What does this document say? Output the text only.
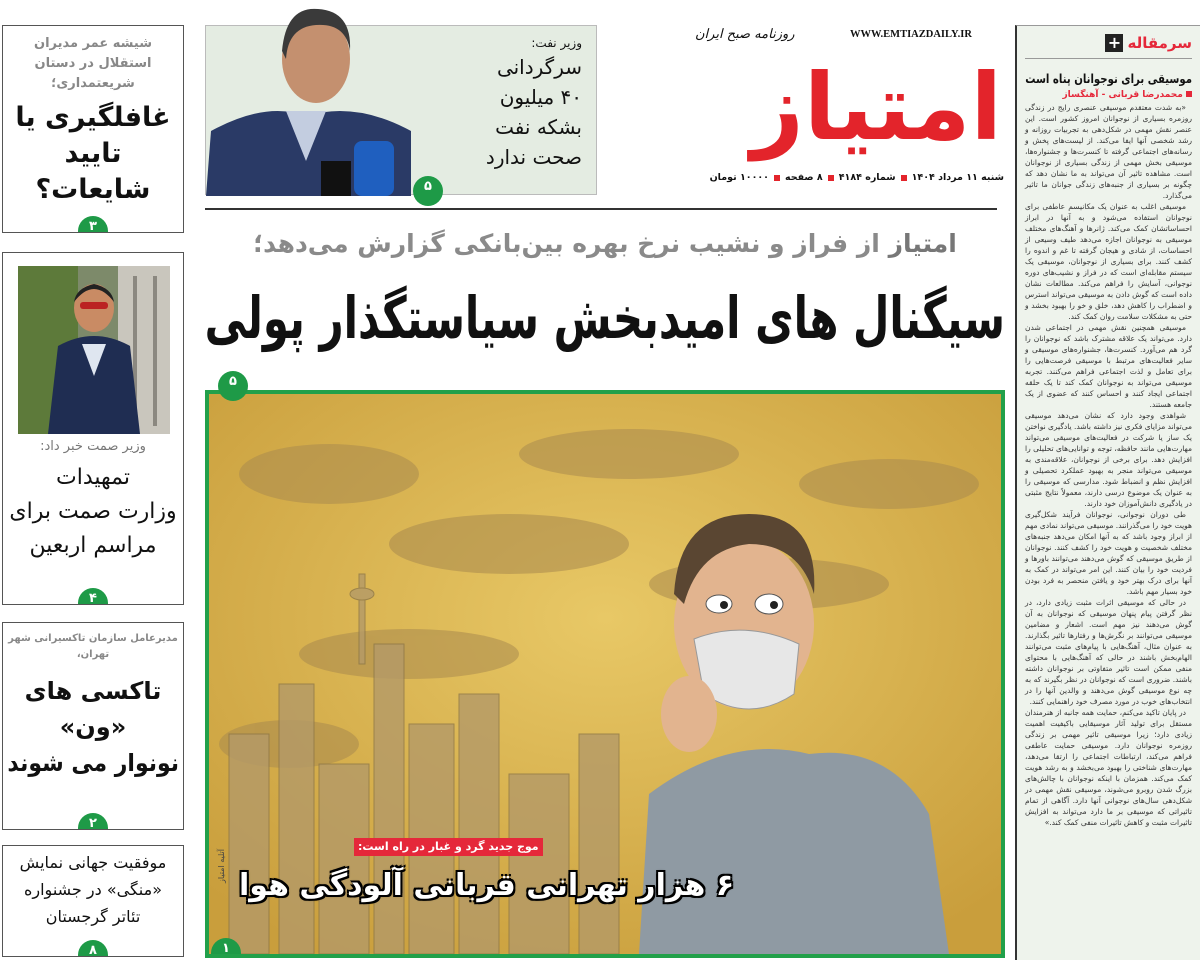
شیشه عمر مدیران استقلال در دستان شریعتمداری؛
غافلگیری یا تایید شایعات؟
۳
وزیر صمت خبر داد:
تمهیدات
وزارت صمت برای
مراسم اربعین
۴
مدیرعامل سازمان تاکسیرانی شهر تهران،
تاکسی های
«ون»
نونوار می شوند
۲
موفقیت جهانی نمایش
«منگی» در جشنواره
تئاتر گرجستان
۸
وزیر نفت:
سرگردانی
۴۰ میلیون
بشکه نفت
صحت ندارد
۵
امتیاز
روزنامه صبح ایران	WWW.EMTIAZDAILY.IR
شنبه ۱۱ مرداد ۱۴۰۴
شماره ۴۱۸۴
۸ صفحه
۱۰۰۰۰ تومان
امتیاز از فراز و نشیب نرخ بهره بین‌بانکی گزارش می‌دهد؛
سیگنال های امیدبخش سیاستگذار پولی
۵
موج جدید گرد و غبار در راه است:
۶ هزار تهرانی قربانی آلودگی هوا
آتلیه امتیاز
۱
+ سرمقاله
موسیقی برای نوجوانان پناه است
محمدرضا قربانی - آهنگساز

«به شدت معتقدم موسیقی عنصری رایج در زندگی روزمره بسیاری از نوجوانان امروز کشور است. این عنصر نقش مهمی در شکل‌دهی به تجربیات روزانه و رشد شخصی آنها ایفا می‌کند. از لیست‌های پخش و رسانه‌های اجتماعی گرفته تا کنسرت‌ها و جشنواره‌ها، موسیقی بخش مهمی از زندگی بسیاری از نوجوانان است. مشاهده تاثیر آن می‌تواند به ما نشان دهد که چگونه بر بسیاری از جنبه‌های زندگی جوانان ما تاثیر می‌گذارد.

موسیقی اغلب به عنوان یک مکانیسم عاطفی برای نوجوانان استفاده می‌شود و به آنها در ابراز احساساتشان کمک می‌کند. ژانرها و آهنگ‌های مختلف موسیقی به نوجوانان اجازه می‌دهد طیف وسیعی از احساسات، از شادی و هیجان گرفته تا غم و اندوه را کشف کنند. برای بسیاری از نوجوانان، موسیقی یک سیستم مقابله‌ای است که در فراز و نشیب‌های دوره نوجوانی، آسایش را فراهم می‌کند. مطالعات نشان داده است که گوش دادن به موسیقی می‌تواند استرس و اضطراب را کاهش دهد، خلق و خو را بهبود بخشد و حتی به مشکلات سلامت روان کمک کند.

موسیقی همچنین نقش مهمی در اجتماعی شدن دارد. می‌تواند یک علاقه مشترک باشد که نوجوانان را گرد هم می‌آورد. کنسرت‌ها، جشنواره‌های موسیقی و سایر فعالیت‌های مرتبط با موسیقی فرصت‌هایی را برای تعامل و لذت اجتماعی فراهم می‌کنند. تجربه موسیقی می‌تواند به نوجوانان کمک کند تا یک حلقه اجتماعی ایجاد کنند و احساس کنند که عضوی از یک جامعه هستند.

شواهدی وجود دارد که نشان می‌دهد موسیقی می‌تواند مزایای فکری نیز داشته باشد. یادگیری نواختن یک ساز یا شرکت در فعالیت‌های موسیقی می‌تواند مهارت‌هایی مانند حافظه، توجه و توانایی‌های تحلیلی را افزایش دهد. برای برخی از نوجوانان، علاقه‌مندی به موسیقی می‌تواند منجر به بهبود عملکرد تحصیلی و افزایش نظم و انضباط شود. مدارسی که موسیقی را به عنوان یک موضوع درسی دارند، معمولاً نتایج مثبتی در یادگیری دانش‌آموزان خود دارند.

طی دوران نوجوانی، نوجوانان فرآیند شکل‌گیری هویت خود را می‌گذرانند. موسیقی می‌تواند نمادی مهم از ابراز وجود باشد که به آنها امکان می‌دهد جنبه‌های مختلف شخصیت و هویت خود را کشف کنند. نوجوانان از طریق موسیقی که گوش می‌دهند می‌توانند باورها و فردیت خود را بیان کنند. این امر می‌تواند در کمک به آنها برای درک بهتر خود و یافتن منحصر به فرد بودن خود بسیار مهم باشد.

در حالی که موسیقی اثرات مثبت زیادی دارد، در نظر گرفتن پیام پنهان موسیقی که نوجوانان به آن گوش می‌دهند نیز مهم است. اشعار و مضامین موسیقی می‌توانند بر نگرش‌ها و رفتارها تاثیر بگذارند. به عنوان مثال، آهنگ‌هایی با پیام‌های مثبت می‌توانند الهام‌بخش باشند در حالی که آهنگ‌هایی با محتوای منفی ممکن است تاثیر متفاوتی بر نوجوانان داشته باشند. ضروری است که نوجوانان در نظر بگیرند که به چه نوع موسیقی گوش می‌دهند و والدین آنها را در انتخاب‌های خوب در مورد مصرف خود راهنمایی کنند.

در پایان تاکید می‌کنم، حمایت همه جانبه از هنرمندان مستقل برای تولید آثار موسیقایی باکیفیت اهمیت زیادی دارد؛ زیرا موسیقی تاثیر مهمی بر زندگی روزمره نوجوانان دارد. موسیقی حمایت عاطفی فراهم می‌کند، ارتباطات اجتماعی را ارتقا می‌دهد، مهارت‌های شناختی را بهبود می‌بخشد و به رشد هویت کمک می‌کند. همزمان با اینکه نوجوانان با چالش‌های بزرگ شدن روبرو می‌شوند، موسیقی نقش مهمی در شکل‌دهی سال‌های نوجوانی آنها دارد. آگاهی از تمام تاثیراتی که موسیقی بر ما دارد می‌تواند به افزایش تاثیرات مثبت و کاهش تاثیرات منفی کمک کند.»
